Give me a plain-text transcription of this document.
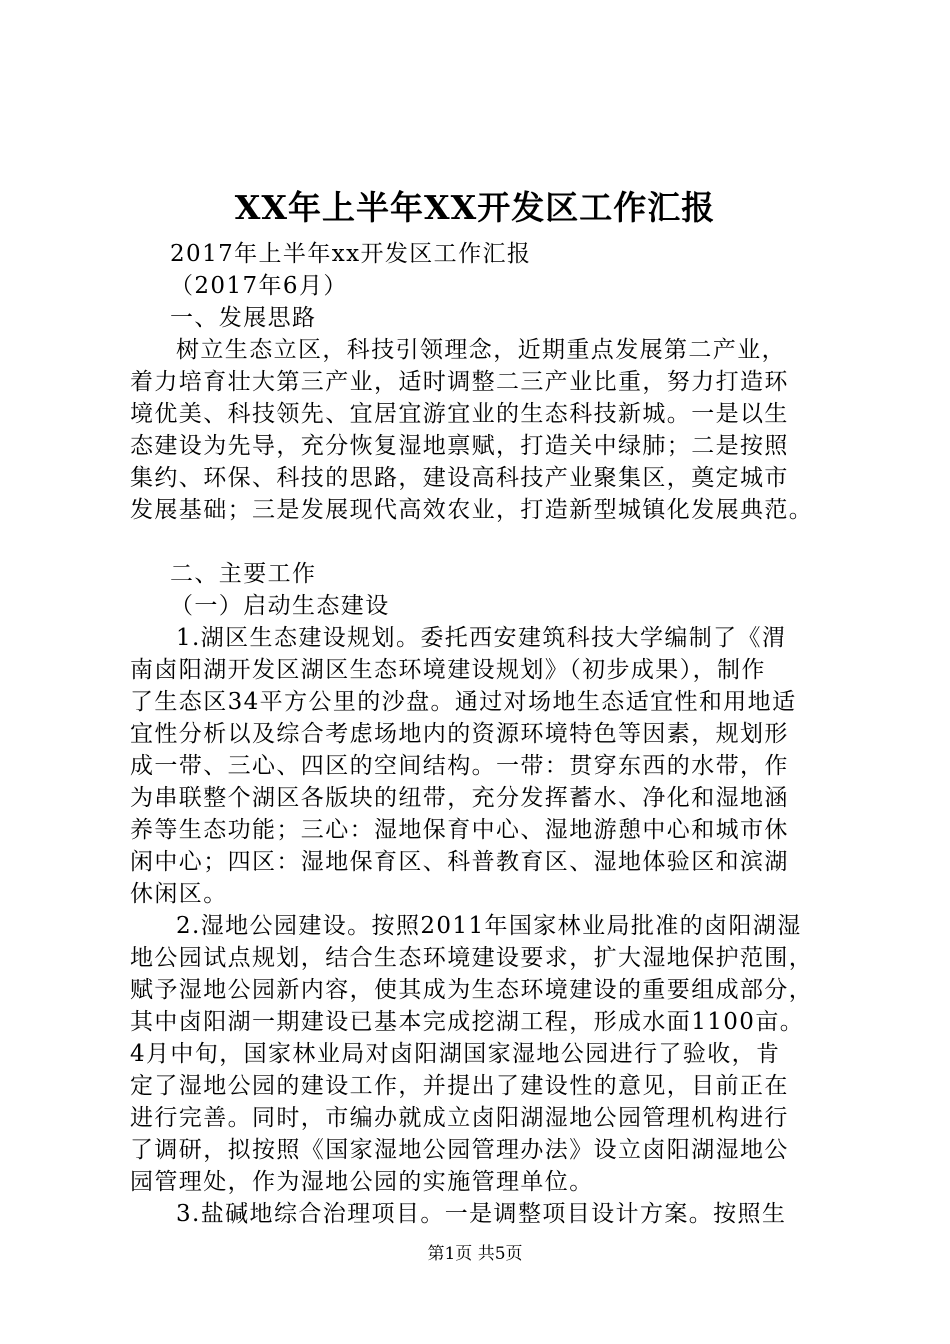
XX年上半年XX开发区工作汇报
2017年上半年xx开发区工作汇报
（2017年6月）
一、发展思路
树立生态立区，科技引领理念，近期重点发展第二产业，
着力培育壮大第三产业，适时调整二三产业比重，努力打造环
境优美、科技领先、宜居宜游宜业的生态科技新城。一是以生
态建设为先导，充分恢复湿地禀赋，打造关中绿肺；二是按照
集约、环保、科技的思路，建设高科技产业聚集区，奠定城市
发展基础；三是发展现代高效农业，打造新型城镇化发展典范。
二、主要工作
（一）启动生态建设
1.湖区生态建设规划。委托西安建筑科技大学编制了《渭
南卤阳湖开发区湖区生态环境建设规划》（初步成果），制作
了生态区34平方公里的沙盘。通过对场地生态适宜性和用地适
宜性分析以及综合考虑场地内的资源环境特色等因素，规划形
成一带、三心、四区的空间结构。一带：贯穿东西的水带，作
为串联整个湖区各版块的纽带，充分发挥蓄水、净化和湿地涵
养等生态功能；三心：湿地保育中心、湿地游憩中心和城市休
闲中心；四区：湿地保育区、科普教育区、湿地体验区和滨湖
休闲区。
2.湿地公园建设。按照2011年国家林业局批准的卤阳湖湿
地公园试点规划，结合生态环境建设要求，扩大湿地保护范围，
赋予湿地公园新内容，使其成为生态环境建设的重要组成部分，
其中卤阳湖一期建设已基本完成挖湖工程，形成水面1100亩。
4月中旬，国家林业局对卤阳湖国家湿地公园进行了验收，肯
定了湿地公园的建设工作，并提出了建设性的意见，目前正在
进行完善。同时，市编办就成立卤阳湖湿地公园管理机构进行
了调研，拟按照《国家湿地公园管理办法》设立卤阳湖湿地公
园管理处，作为湿地公园的实施管理单位。
3.盐碱地综合治理项目。一是调整项目设计方案。按照生
第1页 共5页
